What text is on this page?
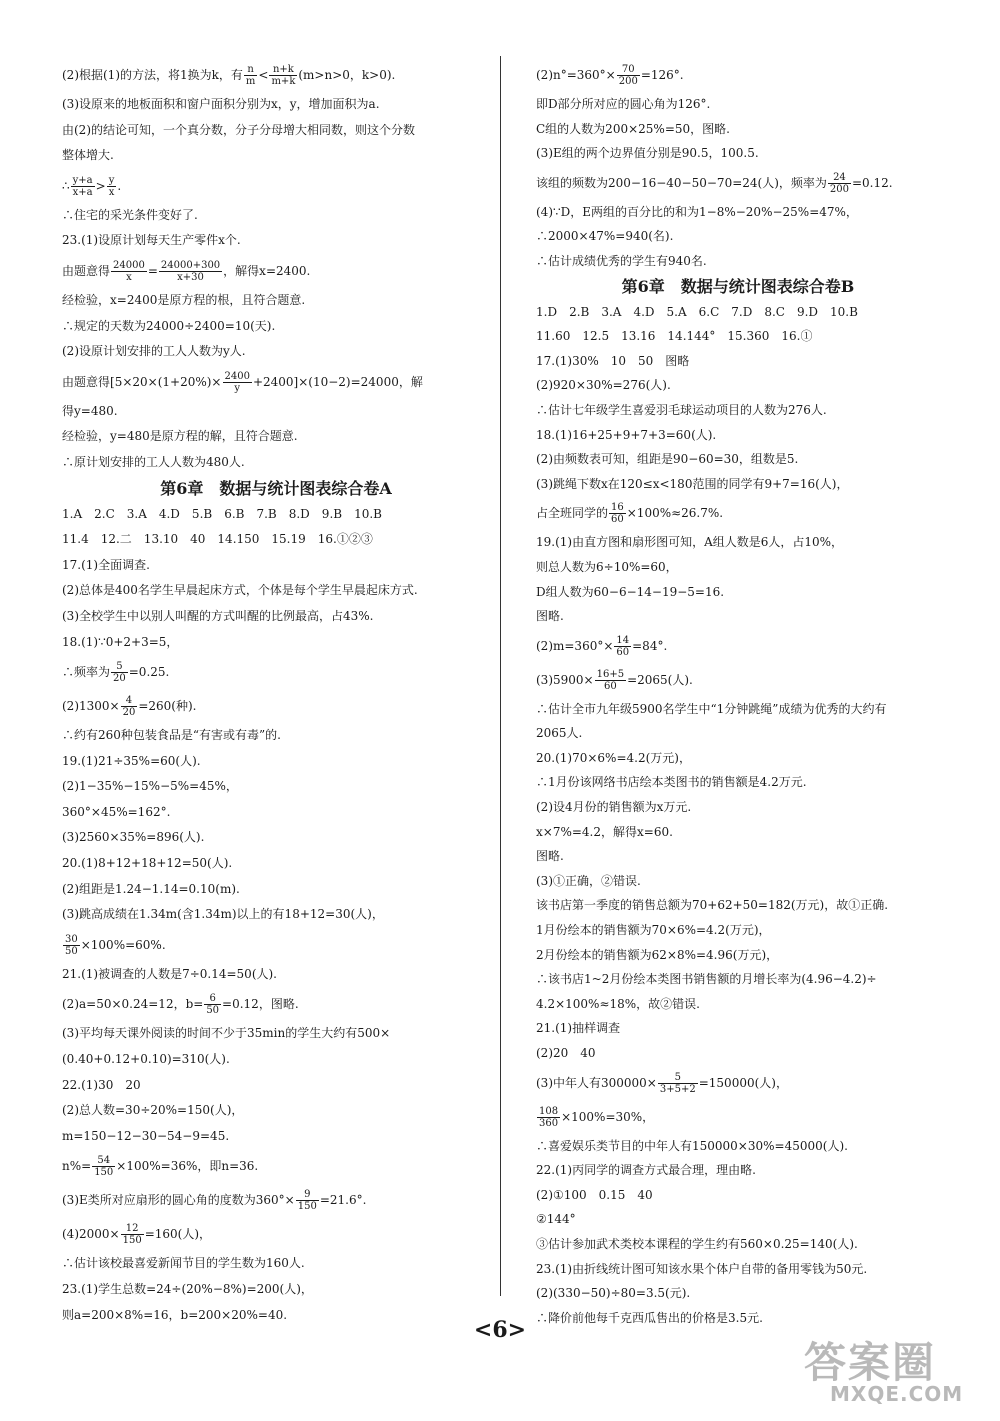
(2)根据(1)的方法，将1换为k，有 $\frac{n}{m} < \frac{n+k}{m+k} (m>n>0$，k>0).
(3)设原来的地板面积和窗户面积分别为x，y，增加面积为a.
由(2)的结论可知，一个真分数，分子分母增大相同数，则这个分数
整体增大.
∴ $\frac{y+a}{x+a} > \frac{y}{x}$ .
∴住宅的采光条件变好了.
23.(1)设原计划每天生产零件x个.
由题意得 $\frac{24000}{x} = \frac{24000+300}{x+30}$ ，解得x=2400.
经检验，x=2400是原方程的根，且符合题意.
∴规定的天数为24000÷2400=10(天).
(2)设原计划安排的工人人数为y人.
由题意得$[5\times 20\times(1+20\%)\times \frac{2400}{y} +2400]\times(10-2)=24000$，解
得y=480.
经检验，y=480是原方程的解，且符合题意.
∴原计划安排的工人人数为480人.
第6章　数据与统计图表综合卷A
1.A　2.C　3.A　4.D　5.B　6.B　7.B　8.D　9.B　10.B
11.4　12.二　13.10　40　14.150　15.19　16.①②③
17.(1)全面调查.
(2)总体是400名学生早晨起床方式，个体是每个学生早晨起床方式.
(3)全校学生中以别人叫醒的方式叫醒的比例最高，占43%.
18.(1)∵0+2+3=5，
∴频率为 $\frac{5}{20} =0.25$.
$(2)1300\times \frac{4}{20} =260$(种).
∴约有260种包装食品是“有害或有毒”的.
19.(1)21÷35%=60(人).
(2)1−35%−15%−5%=45%，
360°×45%=162°.
(3)2560×35%=896(人).
20.(1)8+12+18+12=50(人).
(2)组距是1.24−1.14=0.10(m).
(3)跳高成绩在1.34m(含1.34m)以上的有18+12=30(人)，
$\frac{30}{50} \times 100\%=60\%$.
21.(1)被调查的人数是7÷0.14=50(人).
(2)a=50×0.24=12，$b= \frac{6}{50} =0.12$，图略.
(3)平均每天课外阅读的时间不少于35min的学生大约有500×
(0.40+0.12+0.10)=310(人).
22.(1)30　20
(2)总人数=30÷20%=150(人)，
m=150−12−30−54−9=45.
$n\%= \frac{54}{150} \times 100\%=36\%$，即n=36.
(3)E类所对应扇形的圆心角的度数为$360^\circ\times \frac{9}{150} =21.6^\circ$.
$(4)2000\times \frac{12}{150} =160$(人)，
∴估计该校最喜爱新闻节目的学生数为160人.
23.(1)学生总数=24÷(20%−8%)=200(人)，
则a=200×8%=16，b=200×20%=40.
$(2)n^\circ=360^\circ\times \frac{70}{200} =126^\circ$.
即D部分所对应的圆心角为126°.
C组的人数为200×25%=50，图略.
(3)E组的两个边界值分别是90.5，100.5.
该组的频数为200−16−40−50−70=24(人)，频率为 $\frac{24}{200} =0.12$.
(4)∵D，E两组的百分比的和为1−8%−20%−25%=47%，
∴2000×47%=940(名).
∴估计成绩优秀的学生有940名.
第6章　数据与统计图表综合卷B
1.D　2.B　3.A　4.D　5.A　6.C　7.D　8.C　9.D　10.B
11.60　12.5　13.16　14.144°　15.360　16.①
17.(1)30%　10　50　图略
(2)920×30%=276(人).
∴估计七年级学生喜爱羽毛球运动项目的人数为276人.
18.(1)16+25+9+7+3=60(人).
(2)由频数表可知，组距是90−60=30，组数是5.
(3)跳绳下数x在120≤x<180范围的同学有9+7=16(人)，
占全班同学的 $\frac{16}{60} \times 100\%\approx 26.7\%$.
19.(1)由直方图和扇形图可知，A组人数是6人，占10%，
则总人数为6÷10%=60，
D组人数为60−6−14−19−5=16.
图略.
$(2)m=360^\circ\times \frac{14}{60} =84^\circ$.
$(3)5900\times \frac{16+5}{60} =2065$(人).
∴估计全市九年级5900名学生中“1分钟跳绳”成绩为优秀的大约有
2065人.
20.(1)70×6%=4.2(万元)，
∴1月份该网络书店绘本类图书的销售额是4.2万元.
(2)设4月份的销售额为x万元.
x×7%=4.2，解得x=60.
图略.
(3)①正确，②错误.
该书店第一季度的销售总额为70+62+50=182(万元)，故①正确.
1月份绘本的销售额为70×6%=4.2(万元)，
2月份绘本的销售额为62×8%=4.96(万元)，
∴该书店1~2月份绘本类图书销售额的月增长率为(4.96−4.2)÷
4.2×100%≈18%，故②错误.
21.(1)抽样调查
(2)20　40
(3)中年人有$300000\times \frac{5}{3+5+2} =150000$(人)，
$\frac{108}{360} \times 100\%=30\%$，
∴喜爱娱乐类节目的中年人有150000×30%=45000(人).
22.(1)丙同学的调查方式最合理，理由略.
(2)①100　0.15　40
②144°
③估计参加武术类校本课程的学生约有560×0.25=140(人).
23.(1)由折线统计图可知该水果个体户自带的备用零钱为50元.
(2)(330−50)÷80=3.5(元).
∴降价前他每千克西瓜售出的价格是3.5元.
<6>
答案圈
MXQE.COM
